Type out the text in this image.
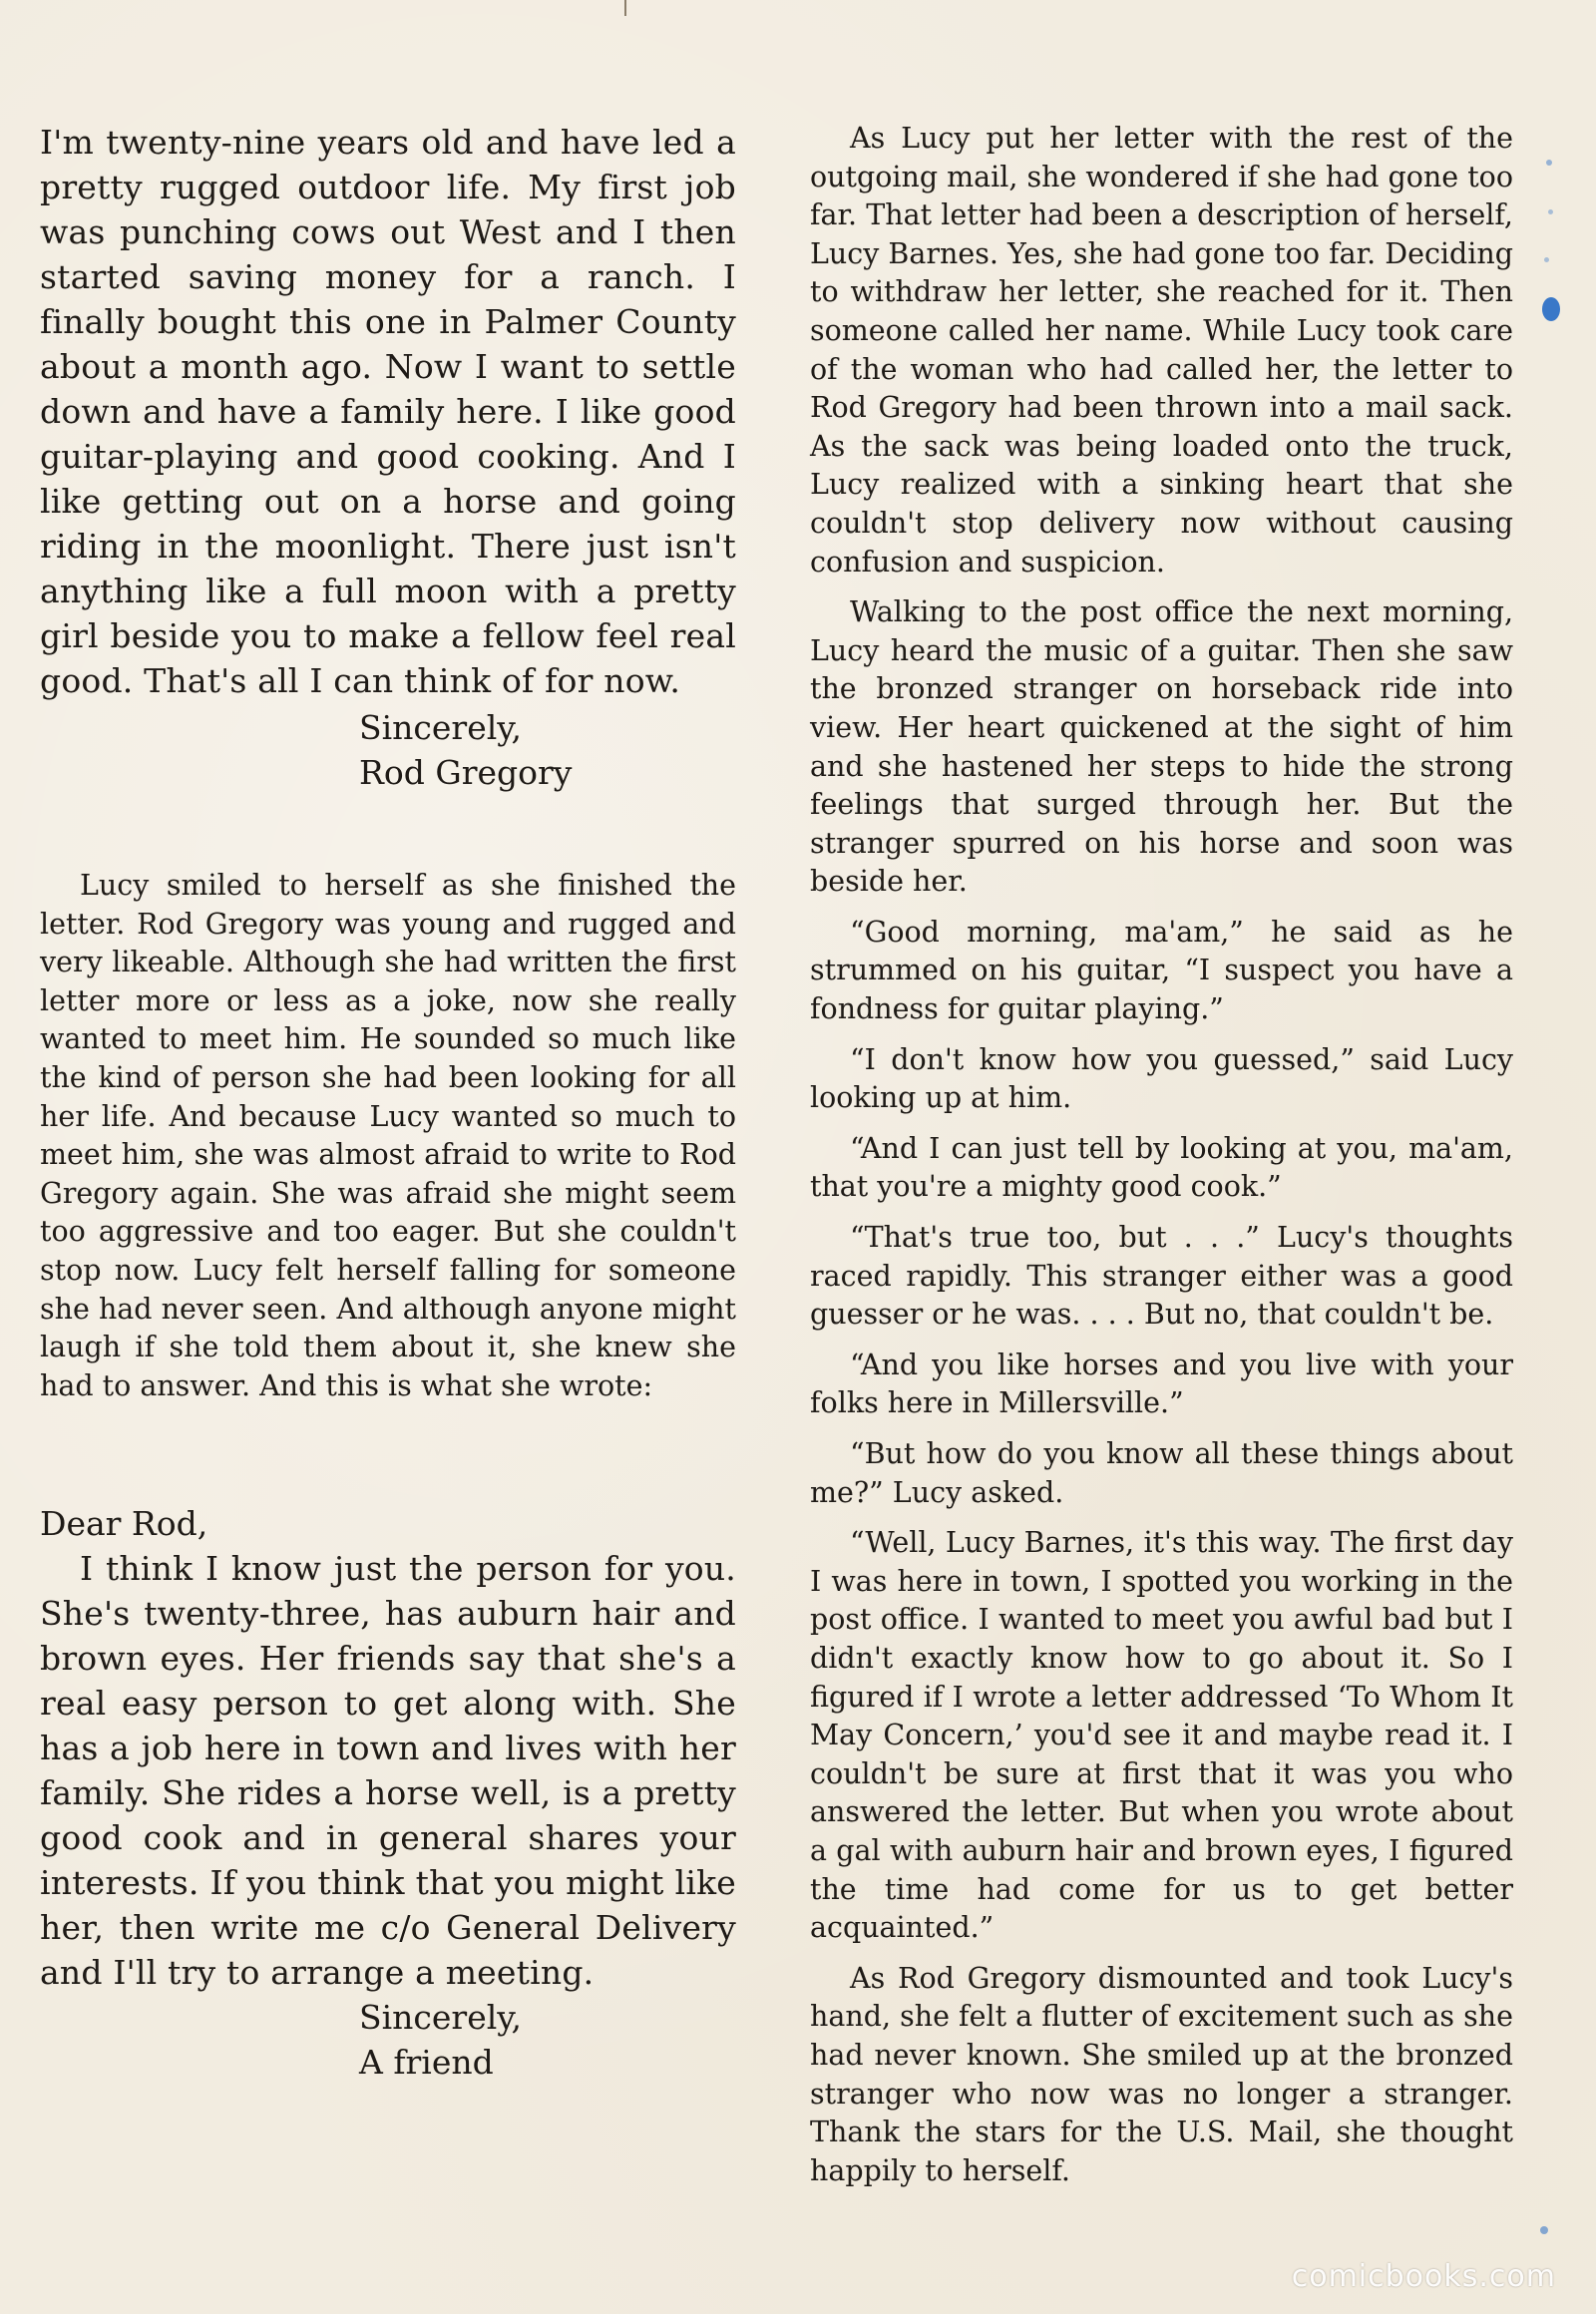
I'm twenty-nine years old and have led a pretty rugged outdoor life. My first job was punching cows out West and I then started saving money for a ranch. I finally bought this one in Palmer County about a month ago. Now I want to settle down and have a family here. I like good guitar-playing and good cooking. And I like getting out on a horse and going riding in the moonlight. There just isn't anything like a full moon with a pretty girl beside you to make a fellow feel real good. That's all I can think of for now.

Sincerely,

Rod Gregory

Lucy smiled to herself as she finished the letter. Rod Gregory was young and rugged and very likeable. Although she had written the first letter more or less as a joke, now she really wanted to meet him. He sounded so much like the kind of person she had been looking for all her life. And because Lucy wanted so much to meet him, she was almost afraid to write to Rod Gregory again. She was afraid she might seem too aggressive and too eager. But she couldn't stop now. Lucy felt herself falling for someone she had never seen. And although anyone might laugh if she told them about it, she knew she had to answer. And this is what she wrote:

Dear Rod,

I think I know just the person for you. She's twenty-three, has auburn hair and brown eyes. Her friends say that she's a real easy person to get along with. She has a job here in town and lives with her family. She rides a horse well, is a pretty good cook and in general shares your interests. If you think that you might like her, then write me c/o General Delivery and I'll try to arrange a meeting.

Sincerely,

A friend

As Lucy put her letter with the rest of the outgoing mail, she wondered if she had gone too far. That letter had been a description of herself, Lucy Barnes. Yes, she had gone too far. Deciding to withdraw her letter, she reached for it. Then someone called her name. While Lucy took care of the woman who had called her, the letter to Rod Gregory had been thrown into a mail sack. As the sack was being loaded onto the truck, Lucy realized with a sinking heart that she couldn't stop delivery now without causing confusion and suspicion.

Walking to the post office the next morning, Lucy heard the music of a guitar. Then she saw the bronzed stranger on horseback ride into view. Her heart quickened at the sight of him and she hastened her steps to hide the strong feelings that surged through her. But the stranger spurred on his horse and soon was beside her.

“Good morning, ma'am,” he said as he strummed on his guitar, “I suspect you have a fondness for guitar playing.”

“I don't know how you guessed,” said Lucy looking up at him.

“And I can just tell by looking at you, ma'am, that you're a mighty good cook.”

“That's true too, but . . .” Lucy's thoughts raced rapidly. This stranger either was a good guesser or he was. . . . But no, that couldn't be.

“And you like horses and you live with your folks here in Millersville.”

“But how do you know all these things about me?” Lucy asked.

“Well, Lucy Barnes, it's this way. The first day I was here in town, I spotted you working in the post office. I wanted to meet you awful bad but I didn't exactly know how to go about it. So I figured if I wrote a letter addressed ‘To Whom It May Concern,’ you'd see it and maybe read it. I couldn't be sure at first that it was you who answered the letter. But when you wrote about a gal with auburn hair and brown eyes, I figured the time had come for us to get better acquainted.”

As Rod Gregory dismounted and took Lucy's hand, she felt a flutter of excitement such as she had never known. She smiled up at the bronzed stranger who now was no longer a stranger. Thank the stars for the U.S. Mail, she thought happily to herself.

comicbooks.com
